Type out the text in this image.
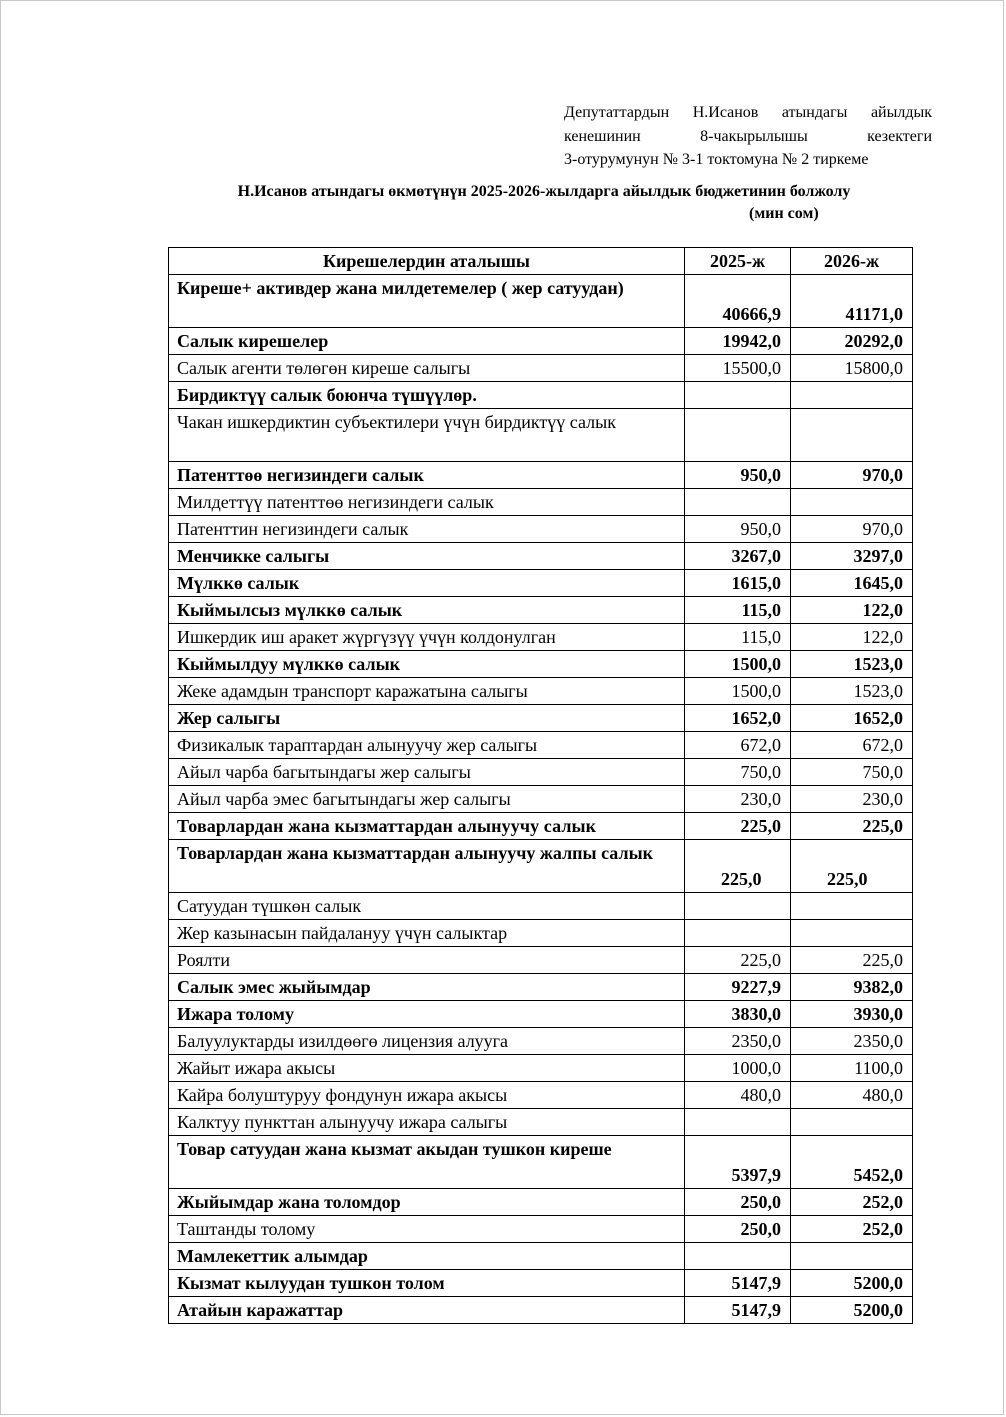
Депутаттардын Н.Исанов атындагы айылдык
кенешинин 8-чакырылышы кезектеги
3-отурумунун № 3-1 токтомуна № 2 тиркеме
Н.Исанов атындагы өкмөтүнүн 2025-2026-жылдарга айылдык бюджетинин болжолу
(мин сом)
Кирешелердин аталышы	2025-ж	2026-ж
Киреше+ активдер жана милдетемелер ( жер сатуудан)	40666,9	41171,0
Салык кирешелер	19942,0	20292,0
Салык агенти төлөгөн киреше салыгы	15500,0	15800,0
Бирдиктүү салык боюнча түшүүлөр.		
Чакан ишкердиктин субъектилери үчүн бирдиктүү салык		
Патенттөө негизиндеги салык	950,0	970,0
Милдеттүү патенттөө негизиндеги салык		
Патенттин негизиндеги салык	950,0	970,0
Менчикке салыгы	3267,0	3297,0
Мүлккө салык	1615,0	1645,0
Кыймылсыз мүлккө салык	115,0	122,0
Ишкердик иш аракет жүргүзүү үчүн колдонулган	115,0	122,0
Кыймылдуу мүлккө салык	1500,0	1523,0
Жеке адамдын транспорт каражатына салыгы	1500,0	1523,0
Жер салыгы	1652,0	1652,0
Физикалык тараптардан алынуучу жер салыгы	672,0	672,0
Айыл чарба багытындагы жер салыгы	750,0	750,0
Айыл чарба эмес багытындагы жер салыгы	230,0	230,0
Товарлардан жана кызматтардан алынуучу салык	225,0	225,0
Товарлардан жана кызматтардан алынуучу жалпы салык	225,0	225,0
Сатуудан түшкөн салык		
Жер казынасын пайдалануу үчүн салыктар		
Роялти	225,0	225,0
Салык эмес жыйымдар	9227,9	9382,0
Ижара толому	3830,0	3930,0
Балуулуктарды изилдөөгө лицензия алууга	2350,0	2350,0
Жайыт ижара акысы	1000,0	1100,0
Кайра болуштуруу фондунун ижара акысы	480,0	480,0
Калктуу пункттан алынуучу ижара салыгы		
Товар сатуудан жана кызмат акыдан тушкон киреше	5397,9	5452,0
Жыйымдар жана толомдор	250,0	252,0
Таштанды толому	250,0	252,0
Мамлекеттик алымдар		
Кызмат кылуудан тушкон толом	5147,9	5200,0
Атайын каражаттар	5147,9	5200,0
